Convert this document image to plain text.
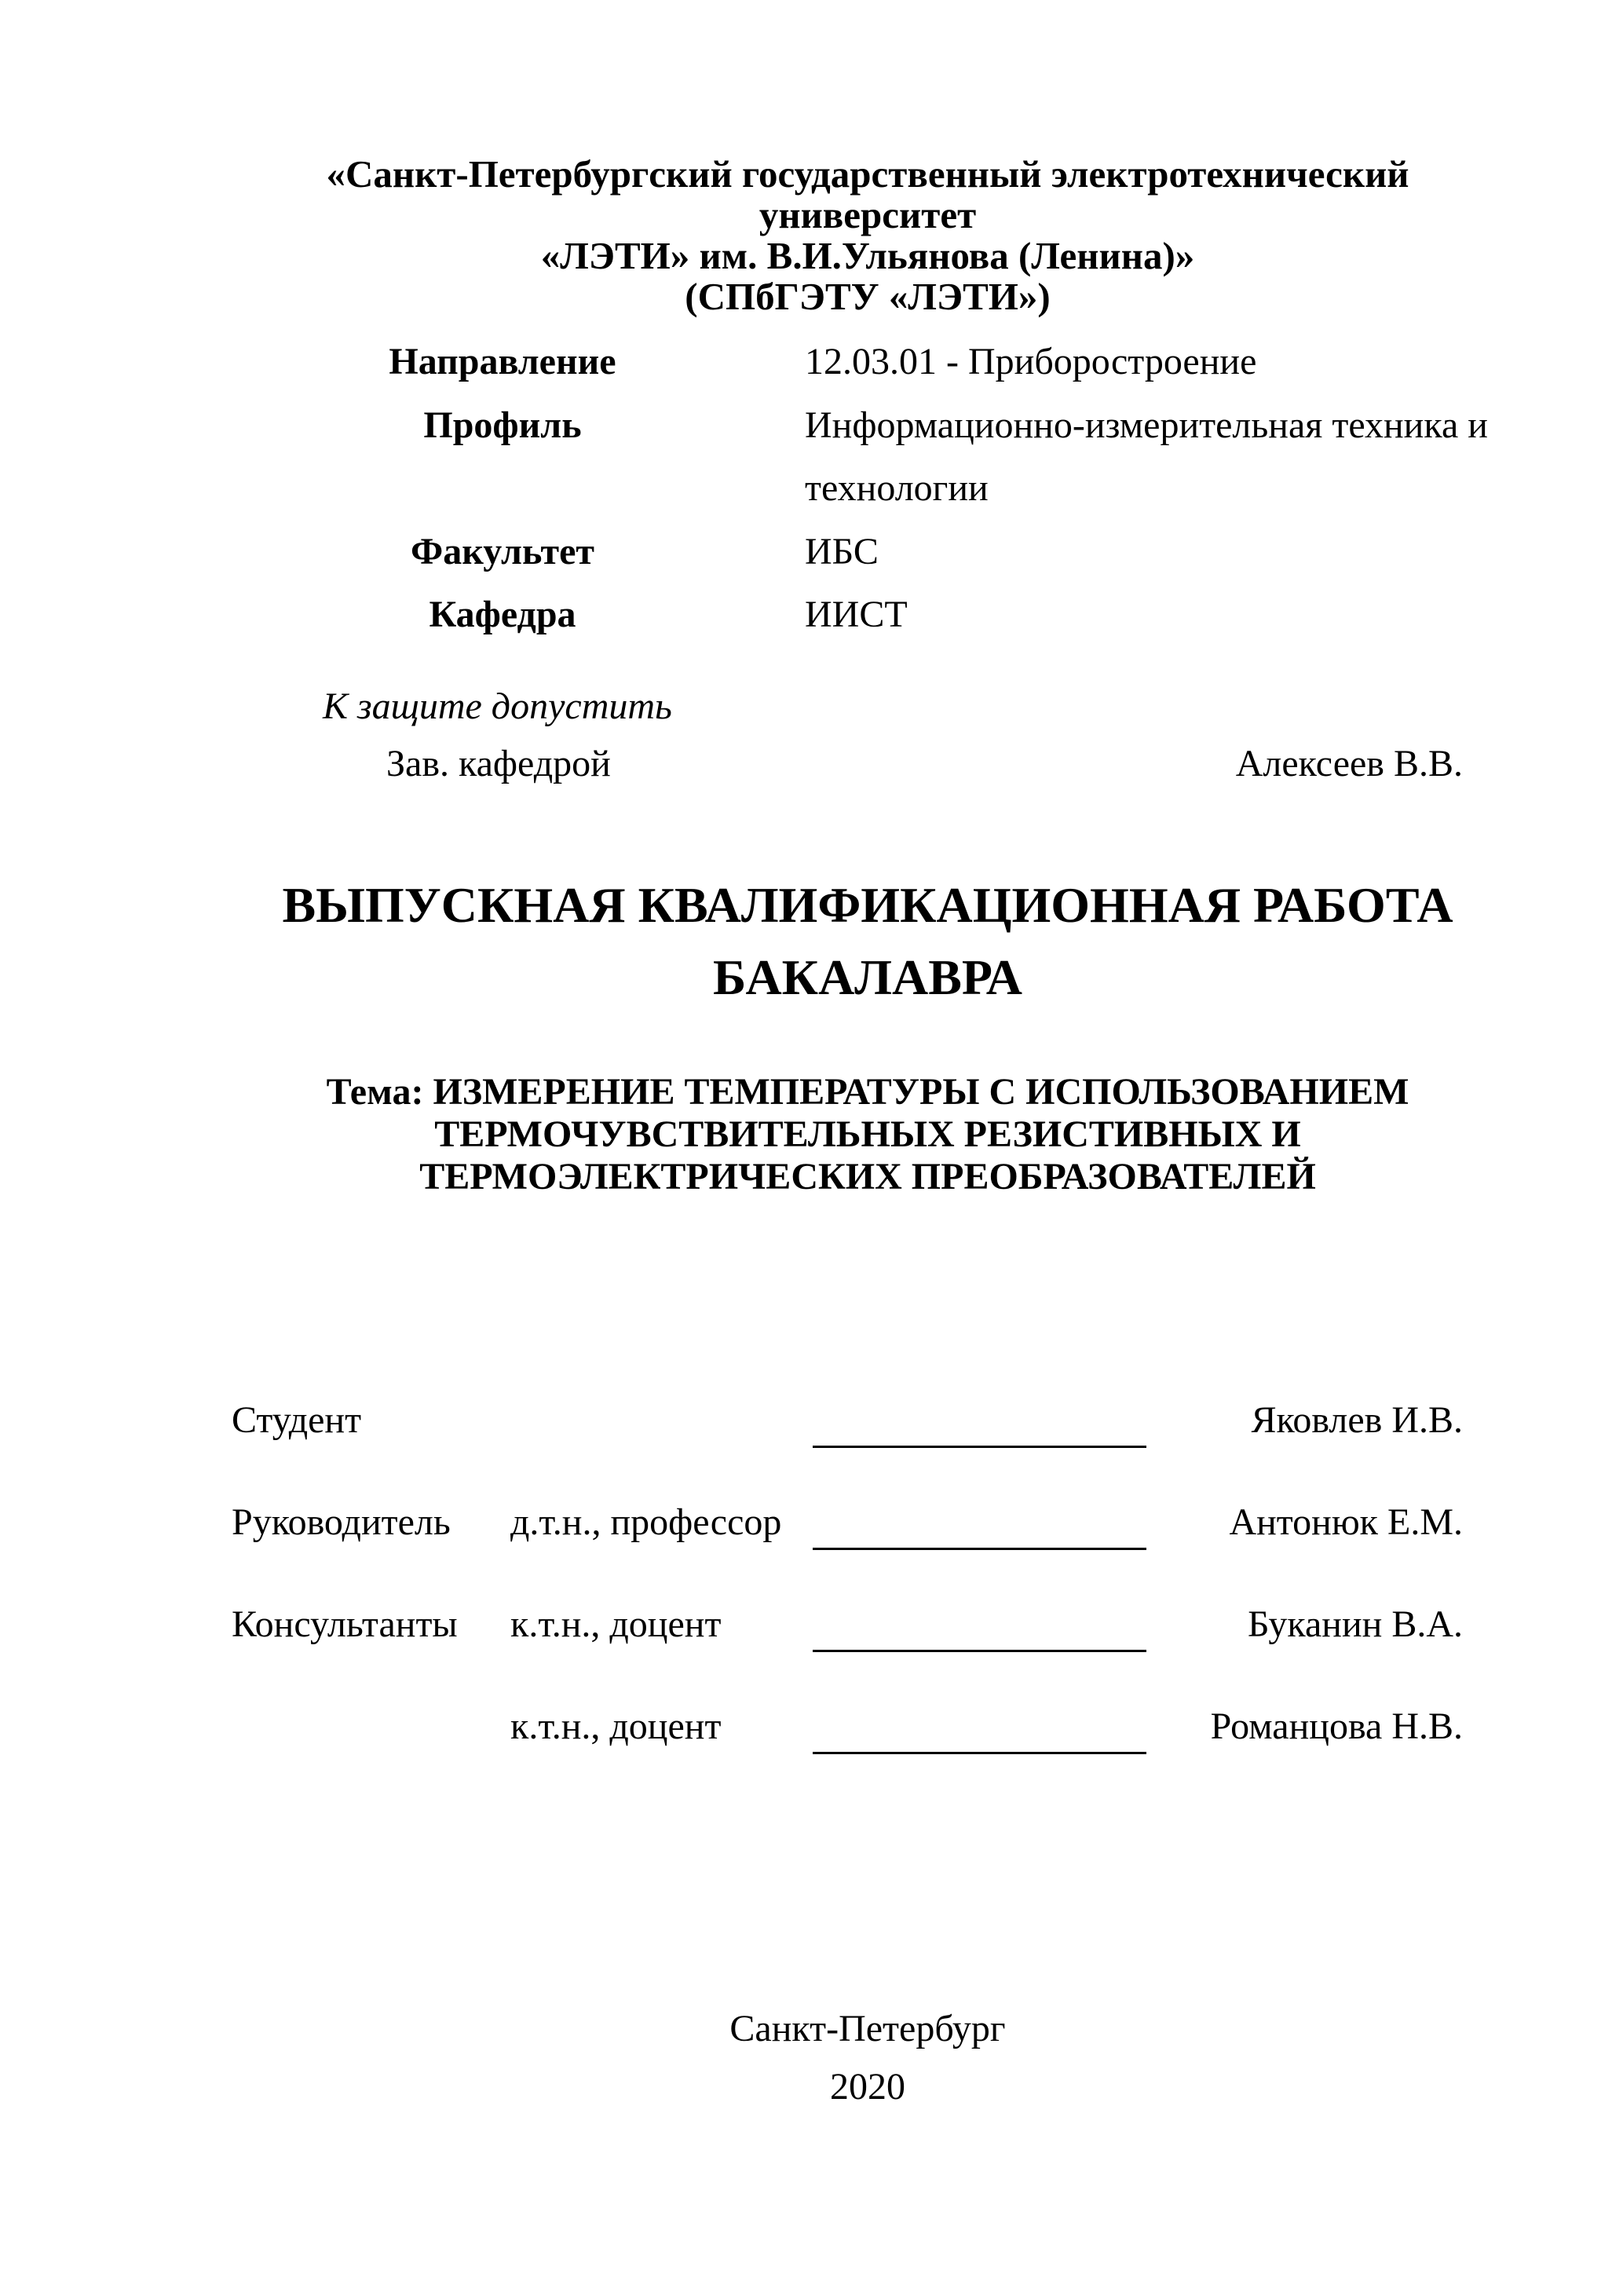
«Санкт-Петербургский государственный электротехнический университет
«ЛЭТИ» им. В.И.Ульянова (Ленина)»
(СПбГЭТУ «ЛЭТИ»)
Направление	12.03.01 - Приборостроение
Профиль	Информационно-измерительная техника и
технологии
Факультет	ИБС
Кафедра	ИИСТ
К защите допустить
Зав. кафедрой	Алексеев В.В.
ВЫПУСКНАЯ КВАЛИФИКАЦИОННАЯ РАБОТА
БАКАЛАВРА
Тема: ИЗМЕРЕНИЕ ТЕМПЕРАТУРЫ С ИСПОЛЬЗОВАНИЕМ
ТЕРМОЧУВСТВИТЕЛЬНЫХ РЕЗИСТИВНЫХ И
ТЕРМОЭЛЕКТРИЧЕСКИХ ПРЕОБРАЗОВАТЕЛЕЙ
Студент	Яковлев И.В.
Руководитель д.т.н., профессор	Антонюк Е.М.
Консультанты к.т.н., доцент	Буканин В.А.
к.т.н., доцент	Романцова Н.В.
Санкт-Петербург
2020
